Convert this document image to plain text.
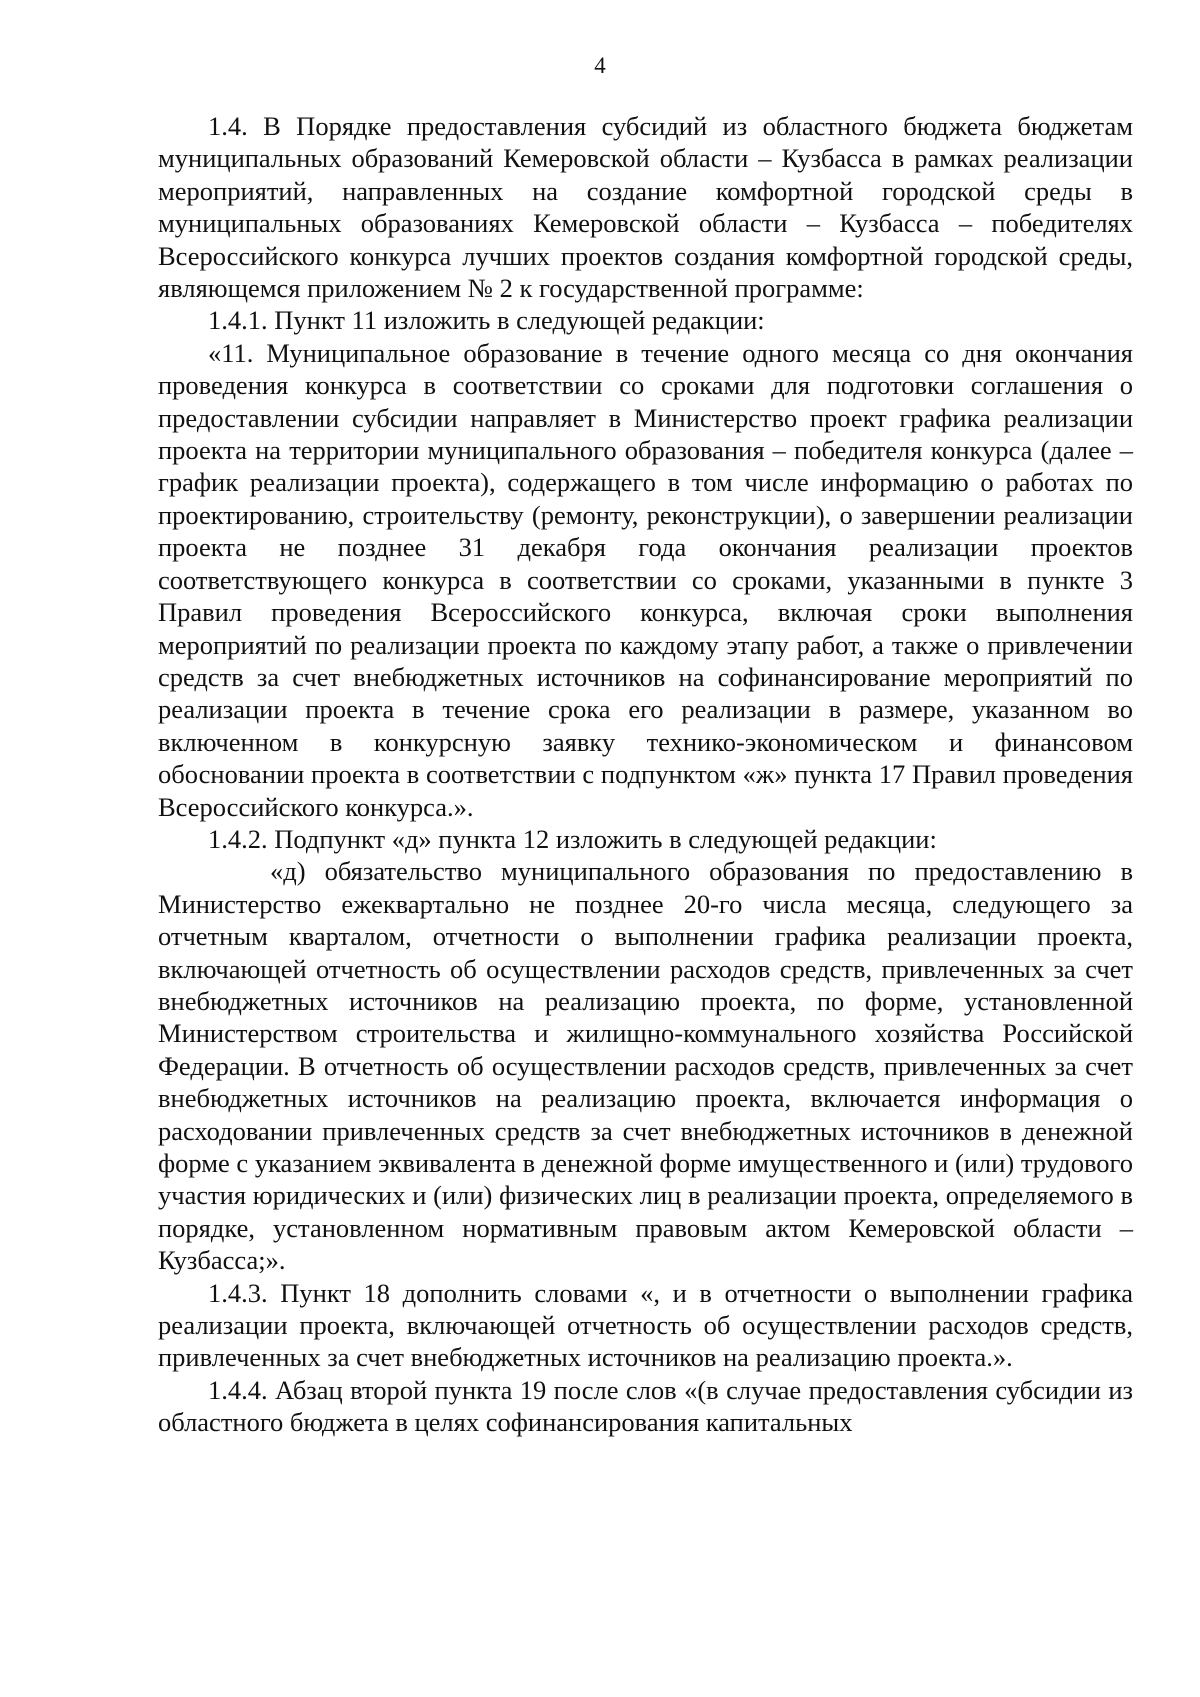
4

1.4. В Порядке предоставления субсидий из областного бюджета бюджетам муниципальных образований Кемеровской области – Кузбасса в рамках реализации мероприятий, направленных на создание комфортной городской среды в муниципальных образованиях Кемеровской области – Кузбасса – победителях Всероссийского конкурса лучших проектов создания комфортной городской среды, являющемся приложением № 2 к государственной программе:

1.4.1. Пункт 11 изложить в следующей редакции:

«11. Муниципальное образование в течение одного месяца со дня окончания проведения конкурса в соответствии со сроками для подготовки соглашения о предоставлении субсидии направляет в Министерство проект графика реализации проекта на территории муниципального образования – победителя конкурса (далее – график реализации проекта), содержащего в том числе информацию о работах по проектированию, строительству (ремонту, реконструкции), о завершении реализации проекта не позднее 31 декабря года окончания реализации проектов соответствующего конкурса в соответствии со сроками, указанными в пункте 3 Правил проведения Всероссийского конкурса, включая сроки выполнения мероприятий по реализации проекта по каждому этапу работ, а также о привлечении средств за счет внебюджетных источников на софинансирование мероприятий по реализации проекта в течение срока его реализации в размере, указанном во включенном в конкурсную заявку технико-экономическом и финансовом обосновании проекта в соответствии с подпунктом «ж» пункта 17 Правил проведения Всероссийского конкурса.».

1.4.2. Подпункт «д» пункта 12 изложить в следующей редакции:

«д) обязательство муниципального образования по предоставлению в Министерство ежеквартально не позднее 20-го числа месяца, следующего за отчетным кварталом, отчетности о выполнении графика реализации проекта, включающей отчетность об осуществлении расходов средств, привлеченных за счет внебюджетных источников на реализацию проекта, по форме, установленной Министерством строительства и жилищно-коммунального хозяйства Российской Федерации. В отчетность об осуществлении расходов средств, привлеченных за счет внебюджетных источников на реализацию проекта, включается информация о расходовании привлеченных средств за счет внебюджетных источников в денежной форме с указанием эквивалента в денежной форме имущественного и (или) трудового участия юридических и (или) физических лиц в реализации проекта, определяемого в порядке, установленном нормативным правовым актом Кемеровской области – Кузбасса;».

1.4.3. Пункт 18 дополнить словами «, и в отчетности о выполнении графика реализации проекта, включающей отчетность об осуществлении расходов средств, привлеченных за счет внебюджетных источников на реализацию проекта.».

1.4.4. Абзац второй пункта 19 после слов «(в случае предоставления субсидии из областного бюджета в целях софинансирования капитальных
